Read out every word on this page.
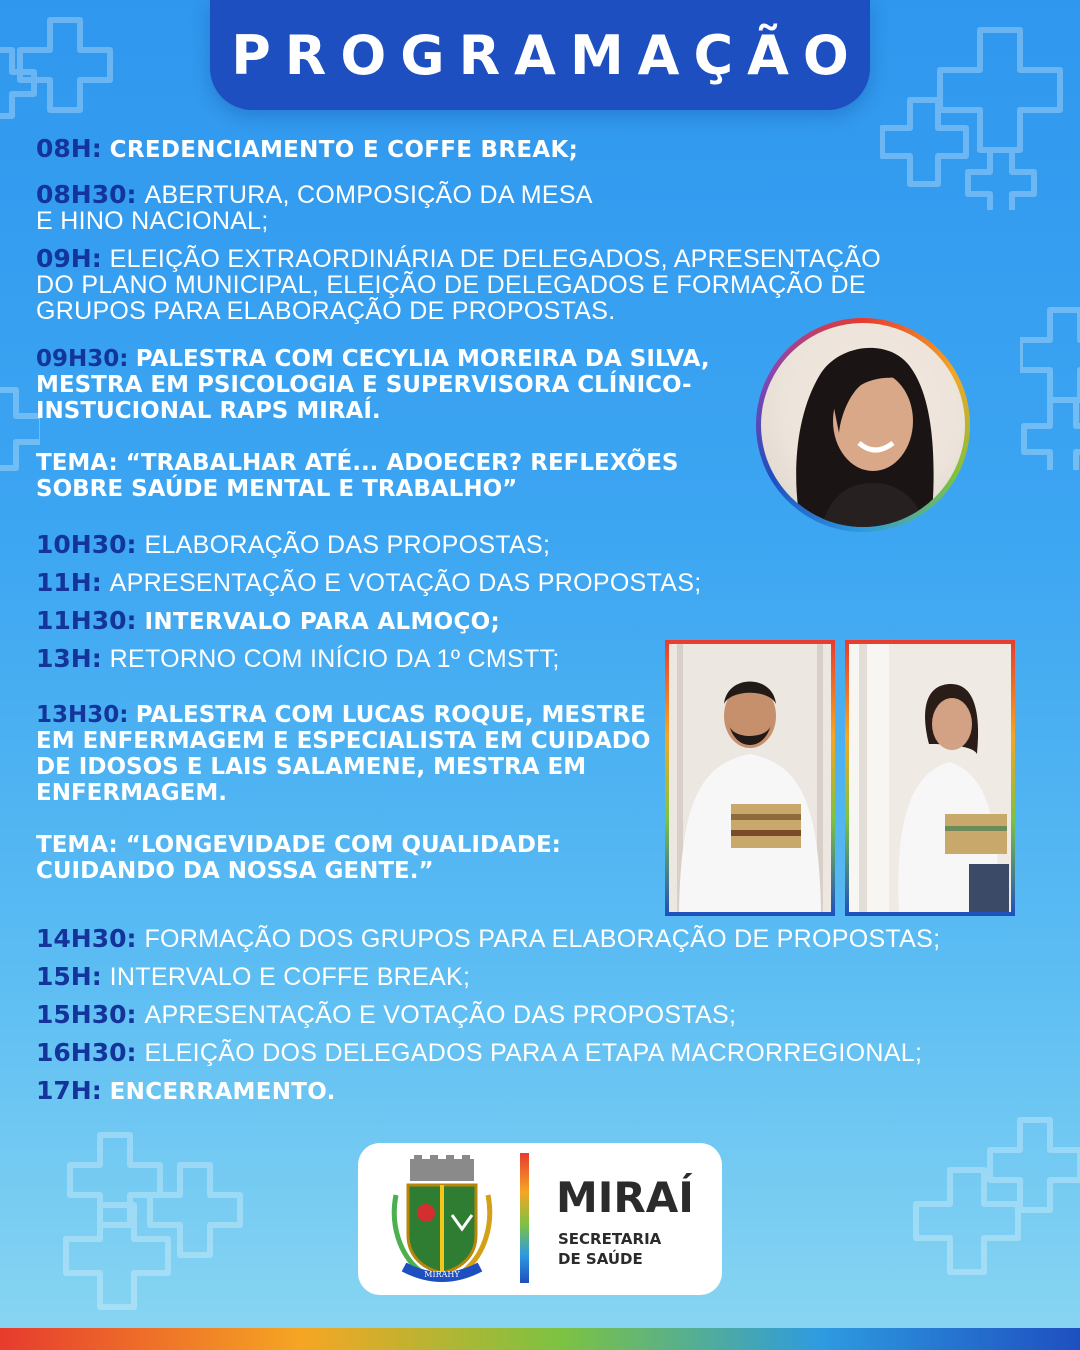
PROGRAMAÇÃO
08H: CREDENCIAMENTO E COFFE BREAK;
08H30: ABERTURA, COMPOSIÇÃO DA MESA
E HINO NACIONAL;
09H: ELEIÇÃO EXTRAORDINÁRIA DE DELEGADOS, APRESENTAÇÃO
DO PLANO MUNICIPAL, ELEIÇÃO DE DELEGADOS E FORMAÇÃO DE
GRUPOS PARA ELABORAÇÃO DE PROPOSTAS.
09H30: PALESTRA COM CECYLIA MOREIRA DA SILVA,
MESTRA EM PSICOLOGIA E SUPERVISORA CLÍNICO-
INSTUCIONAL RAPS MIRAÍ.
TEMA: “TRABALHAR ATÉ... ADOECER? REFLEXÕES
SOBRE SAÚDE MENTAL E TRABALHO”
10H30: ELABORAÇÃO DAS PROPOSTAS;
11H: APRESENTAÇÃO E VOTAÇÃO DAS PROPOSTAS;
11H30: INTERVALO PARA ALMOÇO;
13H: RETORNO COM INÍCIO DA 1º CMSTT;
13H30: PALESTRA COM LUCAS ROQUE, MESTRE
EM ENFERMAGEM E ESPECIALISTA EM CUIDADO
DE IDOSOS E LAIS SALAMENE, MESTRA EM
ENFERMAGEM.
TEMA: “LONGEVIDADE COM QUALIDADE:
CUIDANDO DA NOSSA GENTE.”
14H30: FORMAÇÃO DOS GRUPOS PARA ELABORAÇÃO DE PROPOSTAS;
15H: INTERVALO E COFFE BREAK;
15H30: APRESENTAÇÃO E VOTAÇÃO DAS PROPOSTAS;
16H30: ELEIÇÃO DOS DELEGADOS PARA A ETAPA MACRORREGIONAL;
17H: ENCERRAMENTO.
MIRAHY
MIRAÍ
SECRETARIA
DE SAÚDE
